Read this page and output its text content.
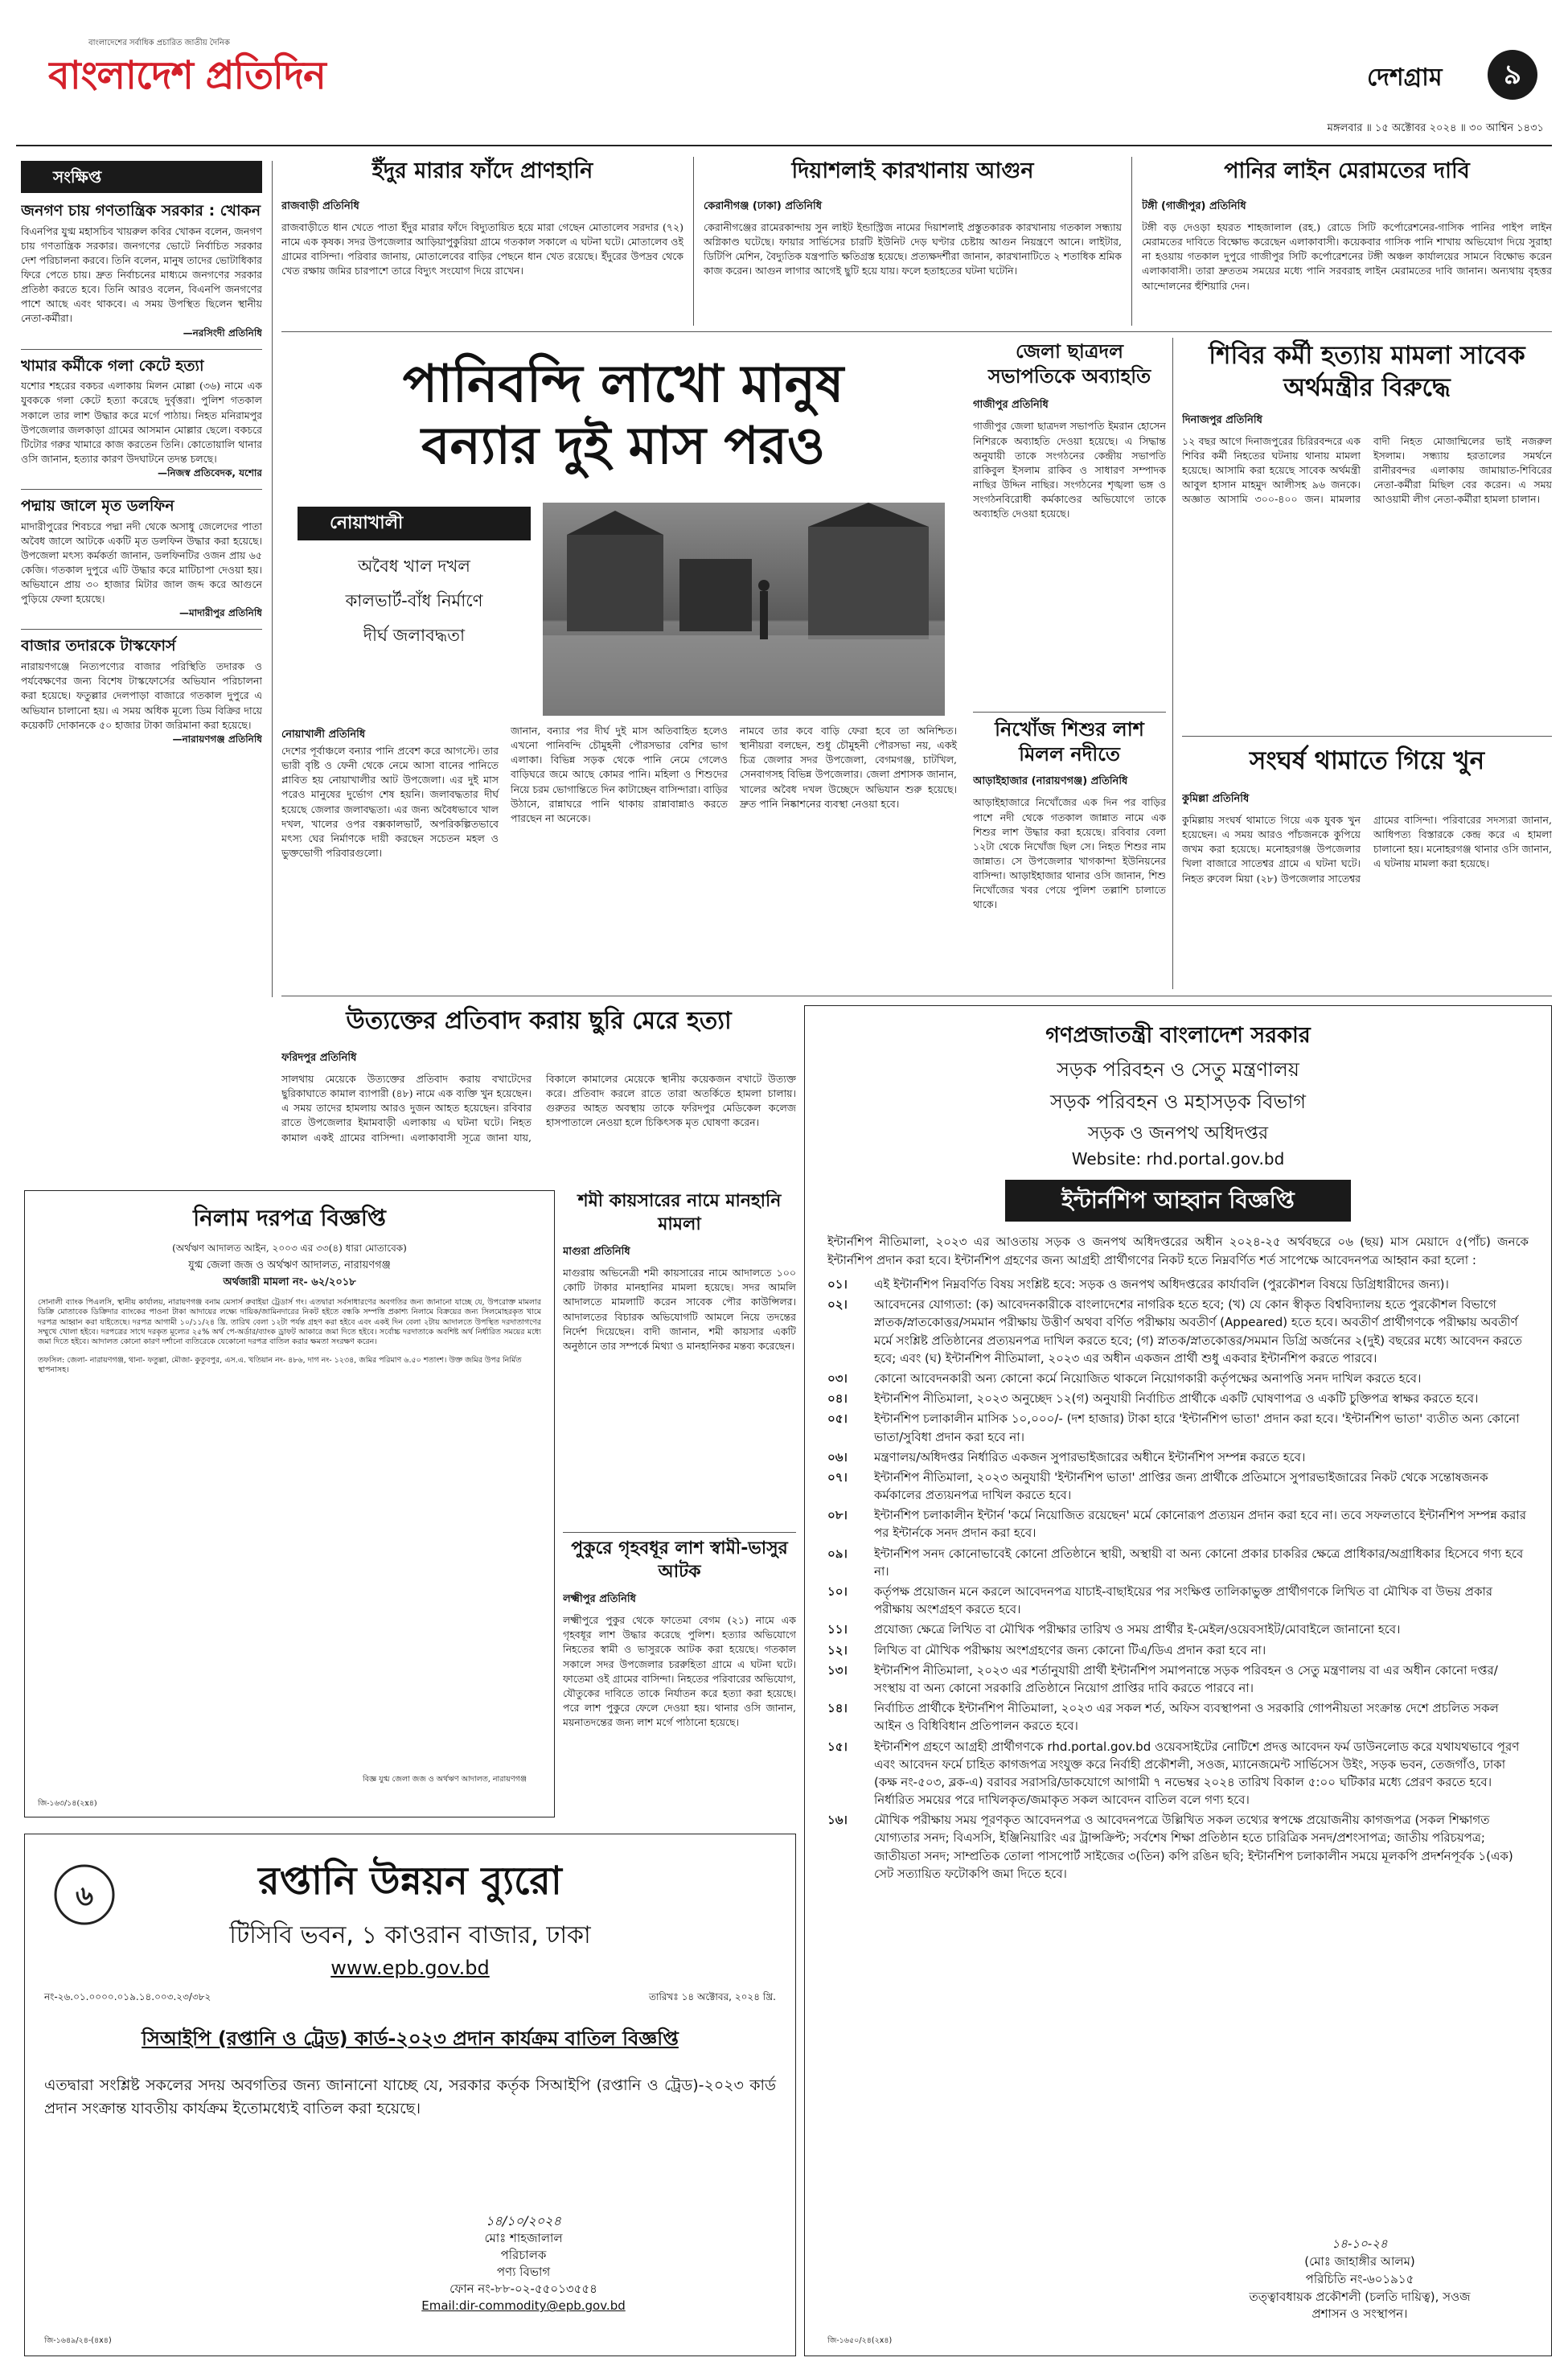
বাংলাদেশের সর্বাধিক প্রচারিত জাতীয় দৈনিক
বাংলাদেশ প্রতিদিন
মঙ্গলবার ॥ ১৫ অক্টোবর ২০২৪ ॥ ৩০ আশ্বিন ১৪৩১
দেশগ্রাম	৯
সংক্ষিপ্ত
জনগণ চায় গণতান্ত্রিক সরকার : খোকন
বিএনপির যুগ্ম মহাসচিব খায়রুল কবির খোকন বলেন, জনগণ চায় গণতান্ত্রিক সরকার। জনগণের ভোটে নির্বাচিত সরকার দেশ পরিচালনা করবে। তিনি বলেন, মানুষ তাদের ভোটাধিকার ফিরে পেতে চায়। দ্রুত নির্বাচনের মাধ্যমে জনগণের সরকার প্রতিষ্ঠা করতে হবে। তিনি আরও বলেন, বিএনপি জনগণের পাশে আছে এবং থাকবে। এ সময় উপস্থিত ছিলেন স্থানীয় নেতা-কর্মীরা।
—নরসিংদী প্রতিনিধি
খামার কর্মীকে গলা কেটে হত্যা
যশোর শহরের বকচর এলাকায় মিলন মোল্লা (৩৬) নামে এক যুবককে গলা কেটে হত্যা করেছে দুর্বৃত্তরা। পুলিশ গতকাল সকালে তার লাশ উদ্ধার করে মর্গে পাঠায়। নিহত মনিরামপুর উপজেলার জলকাড়া গ্রামের আসমান মোল্লার ছেলে। বকচরে টিটোর গরুর খামারে কাজ করতেন তিনি। কোতোয়ালি থানার ওসি জানান, হত্যার কারণ উদঘাটনে তদন্ত চলছে।
—নিজস্ব প্রতিবেদক, যশোর
পদ্মায় জালে মৃত ডলফিন
মাদারীপুরের শিবচরে পদ্মা নদী থেকে অসাধু জেলেদের পাতা অবৈধ জালে আটকে একটি মৃত ডলফিন উদ্ধার করা হয়েছে। উপজেলা মৎস্য কর্মকর্তা জানান, ডলফিনটির ওজন প্রায় ৬৫ কেজি। গতকাল দুপুরে এটি উদ্ধার করে মাটিচাপা দেওয়া হয়। অভিযানে প্রায় ৩০ হাজার মিটার জাল জব্দ করে আগুনে পুড়িয়ে ফেলা হয়েছে।
—মাদারীপুর প্রতিনিধি
বাজার তদারকে টাস্কফোর্স
নারায়ণগঞ্জে নিত্যপণ্যের বাজার পরিস্থিতি তদারক ও পর্যবেক্ষণের জন্য বিশেষ টাস্কফোর্সের অভিযান পরিচালনা করা হয়েছে। ফতুল্লার দেলপাড়া বাজারে গতকাল দুপুরে এ অভিযান চালানো হয়। এ সময় অধিক মূল্যে ডিম বিক্রির দায়ে কয়েকটি দোকানকে ৫০ হাজার টাকা জরিমানা করা হয়েছে।
—নারায়ণগঞ্জ প্রতিনিধি
ইঁদুর মারার ফাঁদে প্রাণহানি
রাজবাড়ী প্রতিনিধি
রাজবাড়ীতে ধান খেতে পাতা ইঁদুর মারার ফাঁদে বিদ্যুতায়িত হয়ে মারা গেছেন মোতালেব সরদার (৭২) নামে এক কৃষক। সদর উপজেলার আড়িয়াপুকুরিয়া গ্রামে গতকাল সকালে এ ঘটনা ঘটে। মোতালেব ওই গ্রামের বাসিন্দা। পরিবার জানায়, মোতালেবের বাড়ির পেছনে ধান খেত রয়েছে। ইঁদুরের উপদ্রব থেকে খেত রক্ষায় জমির চারপাশে তারে বিদ্যুৎ সংযোগ দিয়ে রাখেন।
দিয়াশলাই কারখানায় আগুন
কেরানীগঞ্জ (ঢাকা) প্রতিনিধি
কেরানীগঞ্জের রামেরকান্দায় সুন লাইট ইন্ডাস্ট্রিজ নামের দিয়াশলাই প্রস্তুতকারক কারখানায় গতকাল সন্ধ্যায় অগ্নিকাণ্ড ঘটেছে। ফায়ার সার্ভিসের চারটি ইউনিট দেড় ঘণ্টার চেষ্টায় আগুন নিয়ন্ত্রণে আনে। লাইটার, ডিটিপি মেশিন, বৈদ্যুতিক যন্ত্রপাতি ক্ষতিগ্রস্ত হয়েছে। প্রত্যক্ষদর্শীরা জানান, কারখানাটিতে ২ শতাধিক শ্রমিক কাজ করেন। আগুন লাগার আগেই ছুটি হয়ে যায়। ফলে হতাহতের ঘটনা ঘটেনি।
পানির লাইন মেরামতের দাবি
টঙ্গী (গাজীপুর) প্রতিনিধি
টঙ্গী বড় দেওড়া হযরত শাহজালাল (রহ.) রোডে সিটি কর্পোরেশনের-গাসিক পানির পাইপ লাইন মেরামতের দাবিতে বিক্ষোভ করেছেন এলাকাবাসী। কয়েকবার গাসিক পানি শাখায় অভিযোগ দিয়ে সুরাহা না হওয়ায় গতকাল দুপুরে গাজীপুর সিটি কর্পোরেশনের টঙ্গী অঞ্চল কার্যালয়ের সামনে বিক্ষোভ করেন এলাকাবাসী। তারা দ্রুততম সময়ের মধ্যে পানি সরবরাহ লাইন মেরামতের দাবি জানান। অন্যথায় বৃহত্তর আন্দোলনের হুঁশিয়ারি দেন।
পানিবন্দি লাখো মানুষ
বন্যার দুই মাস পরও
নোয়াখালী
অবৈধ খাল দখল
কালভার্ট-বাঁধ নির্মাণে
দীর্ঘ জলাবদ্ধতা
নোয়াখালী প্রতিনিধি
দেশের পূর্বাঞ্চলে বন্যার পানি প্রবেশ করে আগস্টে। তার ভারী বৃষ্টি ও ফেনী থেকে নেমে আসা বানের পানিতে প্লাবিত হয় নোয়াখালীর আট উপজেলা। এর দুই মাস পরেও মানুষের দুর্ভোগ শেষ হয়নি। জলাবদ্ধতার দীর্ঘ হয়েছে জেলার জলাবদ্ধতা। এর জন্য অবৈধভাবে খাল দখল, খালের ওপর বক্সকালভার্ট, অপরিকল্পিতভাবে মৎস্য ঘের নির্মাণকে দায়ী করছেন সচেতন মহল ও ভুক্তভোগী পরিবারগুলো।
জানান, বন্যার পর দীর্ঘ দুই মাস অতিবাহিত হলেও এখনো পানিবন্দি চৌমুহনী পৌরসভার বেশির ভাগ এলাকা। বিভিন্ন সড়ক থেকে পানি নেমে গেলেও বাড়িঘরে জমে আছে কোমর পানি। মহিলা ও শিশুদের নিয়ে চরম ভোগান্তিতে দিন কাটাচ্ছেন বাসিন্দারা। বাড়ির উঠানে, রান্নাঘরে পানি থাকায় রান্নাবান্নাও করতে পারছেন না অনেকে।
নামবে তার কবে বাড়ি ফেরা হবে তা অনিশ্চিত। স্থানীয়রা বলছেন, শুধু চৌমুহনী পৌরসভা নয়, একই চিত্র জেলার সদর উপজেলা, বেগমগঞ্জ, চাটখিল, সেনবাগসহ বিভিন্ন উপজেলার। জেলা প্রশাসক জানান, খালের অবৈধ দখল উচ্ছেদে অভিযান শুরু হয়েছে। দ্রুত পানি নিষ্কাশনের ব্যবস্থা নেওয়া হবে।
জেলা ছাত্রদল সভাপতিকে অব্যাহতি
গাজীপুর প্রতিনিধি
গাজীপুর জেলা ছাত্রদল সভাপতি ইমরান হোসেন নিশিরকে অব্যাহতি দেওয়া হয়েছে। এ সিদ্ধান্ত অনুযায়ী তাকে সংগঠনের কেন্দ্রীয় সভাপতি রাকিবুল ইসলাম রাকিব ও সাধারণ সম্পাদক নাছির উদ্দিন নাছির। সংগঠনের শৃঙ্খলা ভঙ্গ ও সংগঠনবিরোধী কর্মকাণ্ডের অভিযোগে তাকে অব্যাহতি দেওয়া হয়েছে।
নিখোঁজ শিশুর লাশ মিলল নদীতে
আড়াইহাজার (নারায়ণগঞ্জ) প্রতিনিধি
আড়াইহাজারে নিখোঁজের এক দিন পর বাড়ির পাশে নদী থেকে গতকাল জান্নাত নামে এক শিশুর লাশ উদ্ধার করা হয়েছে। রবিবার বেলা ১২টা থেকে নিখোঁজ ছিল সে। নিহত শিশুর নাম জান্নাত। সে উপজেলার খাগকান্দা ইউনিয়নের বাসিন্দা। আড়াইহাজার থানার ওসি জানান, শিশু নিখোঁজের খবর পেয়ে পুলিশ তল্লাশি চালাতে থাকে।
শিবির কর্মী হত্যায় মামলা সাবেক অর্থমন্ত্রীর বিরুদ্ধে
দিনাজপুর প্রতিনিধি
১২ বছর আগে দিনাজপুরের চিরিরবন্দরে এক শিবির কর্মী নিহতের ঘটনায় থানায় মামলা হয়েছে। আসামি করা হয়েছে সাবেক অর্থমন্ত্রী আবুল হাসান মাহমুদ আলীসহ ৯৬ জনকে। অজ্ঞাত আসামি ৩০০-৪০০ জন। মামলার বাদী নিহত মোজাম্মিলের ভাই নজরুল ইসলাম। সন্ধ্যায় হরতালের সমর্থনে রানীরবন্দর এলাকায় জামায়াত-শিবিরের নেতা-কর্মীরা মিছিল বের করেন। এ সময় আওয়ামী লীগ নেতা-কর্মীরা হামলা চালান।
সংঘর্ষ থামাতে গিয়ে খুন
কুমিল্লা প্রতিনিধি
কুমিল্লায় সংঘর্ষ থামাতে গিয়ে এক যুবক খুন হয়েছেন। এ সময় আরও পাঁচজনকে কুপিয়ে জখম করা হয়েছে। মনোহরগঞ্জ উপজেলার খিলা বাজারে সাতেশ্বর গ্রামে এ ঘটনা ঘটে। নিহত রুবেল মিয়া (২৮) উপজেলার সাতেশ্বর গ্রামের বাসিন্দা। পরিবারের সদস্যরা জানান, আধিপত্য বিস্তারকে কেন্দ্র করে এ হামলা চালানো হয়। মনোহরগঞ্জ থানার ওসি জানান, এ ঘটনায় মামলা করা হয়েছে।
উত্যক্তের প্রতিবাদ করায় ছুরি মেরে হত্যা
ফরিদপুর প্রতিনিধি
সালথায় মেয়েকে উত্যক্তের প্রতিবাদ করায় বখাটেদের ছুরিকাঘাতে কামাল ব্যাপারী (৪৮) নামে এক ব্যক্তি খুন হয়েছেন। এ সময় তাদের হামলায় আরও দুজন আহত হয়েছেন। রবিবার রাতে উপজেলার ইমামবাড়ী এলাকায় এ ঘটনা ঘটে। নিহত কামাল একই গ্রামের বাসিন্দা। এলাকাবাসী সূত্রে জানা যায়, বিকালে কামালের মেয়েকে স্থানীয় কয়েকজন বখাটে উত্যক্ত করে। প্রতিবাদ করলে রাতে তারা অতর্কিতে হামলা চালায়। গুরুতর আহত অবস্থায় তাকে ফরিদপুর মেডিকেল কলেজ হাসপাতালে নেওয়া হলে চিকিৎসক মৃত ঘোষণা করেন।
নিলাম দরপত্র বিজ্ঞপ্তি
(অর্থঋণ আদালত আইন, ২০০৩ এর ৩৩(৪) ধারা মোতাবেক)
যুগ্ম জেলা জজ ও অর্থঋণ আদালত, নারায়ণগঞ্জ
অর্থজারী মামলা নং- ৬২/২০১৮
সোনালী ব্যাংক পিএলসি, স্থানীয় কার্যালয়, নারায়ণগঞ্জ বনাম মেসার্স রুবাইয়া ট্রেডার্স গং। এতদ্বারা সর্বসাধারণের অবগতির জন্য জানানো যাচ্ছে যে, উপরোক্ত মামলার ডিক্রি মোতাবেক ডিক্রিদার ব্যাংকের পাওনা টাকা আদায়ের লক্ষ্যে দায়িক/জামিনদারের নিকট হইতে বন্ধকি সম্পত্তি প্রকাশ্য নিলামে বিক্রয়ের জন্য সিলমোহরকৃত খামে দরপত্র আহ্বান করা যাইতেছে। দরপত্র আগামী ১০/১১/২৪ খ্রি. তারিখ বেলা ১২টা পর্যন্ত গ্রহণ করা হইবে এবং একই দিন বেলা ২টায় আদালতে উপস্থিত দরদাতাগণের সম্মুখে খোলা হইবে। দরপত্রের সাথে দরকৃত মূল্যের ২৫% অর্থ পে-অর্ডার/ব্যাংক ড্রাফট আকারে জমা দিতে হইবে। সর্বোচ্চ দরদাতাকে অবশিষ্ট অর্থ নির্ধারিত সময়ের মধ্যে জমা দিতে হইবে। আদালত কোনো কারণ দর্শানো ব্যতিরেকে যেকোনো দরপত্র বাতিল করার ক্ষমতা সংরক্ষণ করেন।
তফসিল: জেলা- নারায়ণগঞ্জ, থানা- ফতুল্লা, মৌজা- কুতুবপুর, এস.এ. খতিয়ান নং- ৪৮৬, দাগ নং- ১২৩৪, জমির পরিমাণ ৬.৫০ শতাংশ। উক্ত জমির উপর নির্মিত স্থাপনাসহ।
বিজ্ঞ যুগ্ম জেলা জজ ও অর্থঋণ আদালত, নারায়ণগঞ্জ
জি-১৬৩/১৪(২x৪)
শমী কায়সারের নামে মানহানি মামলা
মাগুরা প্রতিনিধি
মাগুরায় অভিনেত্রী শমী কায়সারের নামে আদালতে ১০০ কোটি টাকার মানহানির মামলা হয়েছে। সদর আমলি আদালতে মামলাটি করেন সাবেক পৌর কাউন্সিলর। আদালতের বিচারক অভিযোগটি আমলে নিয়ে তদন্তের নির্দেশ দিয়েছেন। বাদী জানান, শমী কায়সার একটি অনুষ্ঠানে তার সম্পর্কে মিথ্যা ও মানহানিকর মন্তব্য করেছেন।
পুকুরে গৃহবধূর লাশ স্বামী-ভাসুর আটক
লক্ষ্মীপুর প্রতিনিধি
লক্ষ্মীপুরে পুকুর থেকে ফাতেমা বেগম (২১) নামে এক গৃহবধূর লাশ উদ্ধার করেছে পুলিশ। হত্যার অভিযোগে নিহতের স্বামী ও ভাসুরকে আটক করা হয়েছে। গতকাল সকালে সদর উপজেলার চররুহিতা গ্রামে এ ঘটনা ঘটে। ফাতেমা ওই গ্রামের বাসিন্দা। নিহতের পরিবারের অভিযোগ, যৌতুকের দাবিতে তাকে নির্যাতন করে হত্যা করা হয়েছে। পরে লাশ পুকুরে ফেলে দেওয়া হয়। থানার ওসি জানান, ময়নাতদন্তের জন্য লাশ মর্গে পাঠানো হয়েছে।
৬	রপ্তানি উন্নয়ন ব্যুরো
টিসিবি ভবন, ১ কাওরান বাজার, ঢাকা
www.epb.gov.bd
নং-২৬.০১.০০০০.০১৯.১৪.০০৩.২৩/৩৮২	তারিখঃ ১৪ অক্টোবর, ২০২৪ খ্রি.
সিআইপি (রপ্তানি ও ট্রেড) কার্ড-২০২৩ প্রদান কার্যক্রম বাতিল বিজ্ঞপ্তি
এতদ্বারা সংশ্লিষ্ট সকলের সদয় অবগতির জন্য জানানো যাচ্ছে যে, সরকার কর্তৃক সিআইপি (রপ্তানি ও ট্রেড)-২০২৩ কার্ড প্রদান সংক্রান্ত যাবতীয় কার্যক্রম ইতোমধ্যেই বাতিল করা হয়েছে।
১৪/১০/২০২৪
মোঃ শাহজালাল
পরিচালক
পণ্য বিভাগ
ফোন নং-৮৮-০২-৫৫০১৩৫৫৪
Email:dir-commodity@epb.gov.bd
জি-১৬৪৯/২৪-(৪x৪)
গণপ্রজাতন্ত্রী বাংলাদেশ সরকার
সড়ক পরিবহন ও সেতু মন্ত্রণালয়
সড়ক পরিবহন ও মহাসড়ক বিভাগ
সড়ক ও জনপথ অধিদপ্তর
Website: rhd.portal.gov.bd
ইন্টার্নশিপ আহ্বান বিজ্ঞপ্তি
ইন্টার্নশিপ নীতিমালা, ২০২৩ এর আওতায় সড়ক ও জনপথ অধিদপ্তরের অধীন ২০২৪-২৫ অর্থবছরে ০৬ (ছয়) মাস মেয়াদে ৫(পাঁচ) জনকে ইন্টার্নশিপ প্রদান করা হবে। ইন্টার্নশিপ গ্রহণের জন্য আগ্রহী প্রার্থীগণের নিকট হতে নিম্নবর্ণিত শর্ত সাপেক্ষে আবেদনপত্র আহ্বান করা হলো :
০১।	এই ইন্টার্নশিপ নিম্নবর্ণিত বিষয় সংশ্লিষ্ট হবে: সড়ক ও জনপথ অধিদপ্তরের কার্যাবলি (পুরকৌশল বিষয়ে ডিগ্রিধারীদের জন্য)।
০২।	আবেদনের যোগ্যতা: (ক) আবেদনকারীকে বাংলাদেশের নাগরিক হতে হবে; (খ) যে কোন স্বীকৃত বিশ্ববিদ্যালয় হতে পুরকৌশল বিভাগে স্নাতক/স্নাতকোত্তর/সমমান পরীক্ষায় উত্তীর্ণ অথবা বর্ণিত পরীক্ষায় অবতীর্ণ (Appeared) হতে হবে। অবতীর্ণ প্রার্থীগণকে পরীক্ষায় অবতীর্ণ মর্মে সংশ্লিষ্ট প্রতিষ্ঠানের প্রত্যয়নপত্র দাখিল করতে হবে; (গ) স্নাতক/স্নাতকোত্তর/সমমান ডিগ্রি অর্জনের ২(দুই) বছরের মধ্যে আবেদন করতে হবে; এবং (ঘ) ইন্টার্নশিপ নীতিমালা, ২০২৩ এর অধীন একজন প্রার্থী শুধু একবার ইন্টার্নশিপ করতে পারবে।
০৩।	কোনো আবেদনকারী অন্য কোনো কর্মে নিয়োজিত থাকলে নিয়োগকারী কর্তৃপক্ষের অনাপত্তি সনদ দাখিল করতে হবে।
০৪।	ইন্টার্নশিপ নীতিমালা, ২০২৩ অনুচ্ছেদ ১২(গ) অনুযায়ী নির্বাচিত প্রার্থীকে একটি ঘোষণাপত্র ও একটি চুক্তিপত্র স্বাক্ষর করতে হবে।
০৫।	ইন্টার্নশিপ চলাকালীন মাসিক ১০,০০০/- (দশ হাজার) টাকা হারে 'ইন্টার্নশিপ ভাতা' প্রদান করা হবে। 'ইন্টার্নশিপ ভাতা' ব্যতীত অন্য কোনো ভাতা/সুবিধা প্রদান করা হবে না।
০৬।	মন্ত্রণালয়/অধিদপ্তর নির্ধারিত একজন সুপারভাইজারের অধীনে ইন্টার্নশিপ সম্পন্ন করতে হবে।
০৭।	ইন্টার্নশিপ নীতিমালা, ২০২৩ অনুযায়ী 'ইন্টার্নশিপ ভাতা' প্রাপ্তির জন্য প্রার্থীকে প্রতিমাসে সুপারভাইজারের নিকট থেকে সন্তোষজনক কর্মকালের প্রত্যয়নপত্র দাখিল করতে হবে।
০৮।	ইন্টার্নশিপ চলাকালীন ইন্টার্ন 'কর্মে নিয়োজিত রয়েছেন' মর্মে কোনোরূপ প্রত্যয়ন প্রদান করা হবে না। তবে সফলতাবে ইন্টার্নশিপ সম্পন্ন করার পর ইন্টার্নকে সনদ প্রদান করা হবে।
০৯।	ইন্টার্নশিপ সনদ কোনোভাবেই কোনো প্রতিষ্ঠানে স্থায়ী, অস্থায়ী বা অন্য কোনো প্রকার চাকরির ক্ষেত্রে প্রাধিকার/অগ্রাধিকার হিসেবে গণ্য হবে না।
১০।	কর্তৃপক্ষ প্রয়োজন মনে করলে আবেদনপত্র যাচাই-বাছাইয়ের পর সংক্ষিপ্ত তালিকাভুক্ত প্রার্থীগণকে লিখিত বা মৌখিক বা উভয় প্রকার পরীক্ষায় অংশগ্রহণ করতে হবে।
১১।	প্রযোজ্য ক্ষেত্রে লিখিত বা মৌখিক পরীক্ষার তারিখ ও সময় প্রার্থীর ই-মেইল/ওয়েবসাইট/মোবাইলে জানানো হবে।
১২।	লিখিত বা মৌখিক পরীক্ষায় অংশগ্রহণের জন্য কোনো টিএ/ডিএ প্রদান করা হবে না।
১৩।	ইন্টার্নশিপ নীতিমালা, ২০২৩ এর শর্তানুযায়ী প্রার্থী ইন্টার্নশিপ সমাপনান্তে সড়ক পরিবহন ও সেতু মন্ত্রণালয় বা এর অধীন কোনো দপ্তর/সংস্থায় বা অন্য কোনো সরকারি প্রতিষ্ঠানে নিয়োগ প্রাপ্তির দাবি করতে পারবে না।
১৪।	নির্বাচিত প্রার্থীকে ইন্টার্নশিপ নীতিমালা, ২০২৩ এর সকল শর্ত, অফিস ব্যবস্থাপনা ও সরকারি গোপনীয়তা সংক্রান্ত দেশে প্রচলিত সকল আইন ও বিধিবিধান প্রতিপালন করতে হবে।
১৫।	ইন্টার্নশিপ গ্রহণে আগ্রহী প্রার্থীগণকে rhd.portal.gov.bd ওয়েবসাইটের নোটিশে প্রদত্ত আবেদন ফর্ম ডাউনলোড করে যথাযথভাবে পূরণ এবং আবেদন ফর্মে চাহিত কাগজপত্র সংযুক্ত করে নির্বাহী প্রকৌশলী, সওজ, ম্যানেজমেন্ট সার্ভিসেস উইং, সড়ক ভবন, তেজগাঁও, ঢাকা (কক্ষ নং-৫০৩, ব্লক-এ) বরাবর সরাসরি/ডাকযোগে আগামী ৭ নভেম্বর ২০২৪ তারিখ বিকাল ৫:০০ ঘটিকার মধ্যে প্রেরণ করতে হবে। নির্ধারিত সময়ের পরে দাখিলকৃত/জমাকৃত সকল আবেদন বাতিল বলে গণ্য হবে।
১৬।	মৌখিক পরীক্ষায় সময় পূরণকৃত আবেদনপত্র ও আবেদনপত্রে উল্লিখিত সকল তথ্যের স্বপক্ষে প্রয়োজনীয় কাগজপত্র (সকল শিক্ষাগত যোগ্যতার সনদ; বিএসসি, ইঞ্জিনিয়ারিং এর ট্রান্সক্রিপ্ট; সর্বশেষ শিক্ষা প্রতিষ্ঠান হতে চারিত্রিক সনদ/প্রশংসাপত্র; জাতীয় পরিচয়পত্র; জাতীয়তা সনদ; সাম্প্রতিক তোলা পাসপোর্ট সাইজের ৩(তিন) কপি রঙিন ছবি; ইন্টার্নশিপ চলাকালীন সময়ে মূলকপি প্রদর্শনপূর্বক ১(এক) সেট সত্যায়িত ফটোকপি জমা দিতে হবে।
১৪-১০-২৪
(মোঃ জাহাঙ্গীর আলম)
পরিচিতি নং-৬০১৯১৫
তত্ত্বাবধায়ক প্রকৌশলী (চলতি দায়িত্ব), সওজ
প্রশাসন ও সংস্থাপন।
জি-১৬৫০/২৪(২x৪)
